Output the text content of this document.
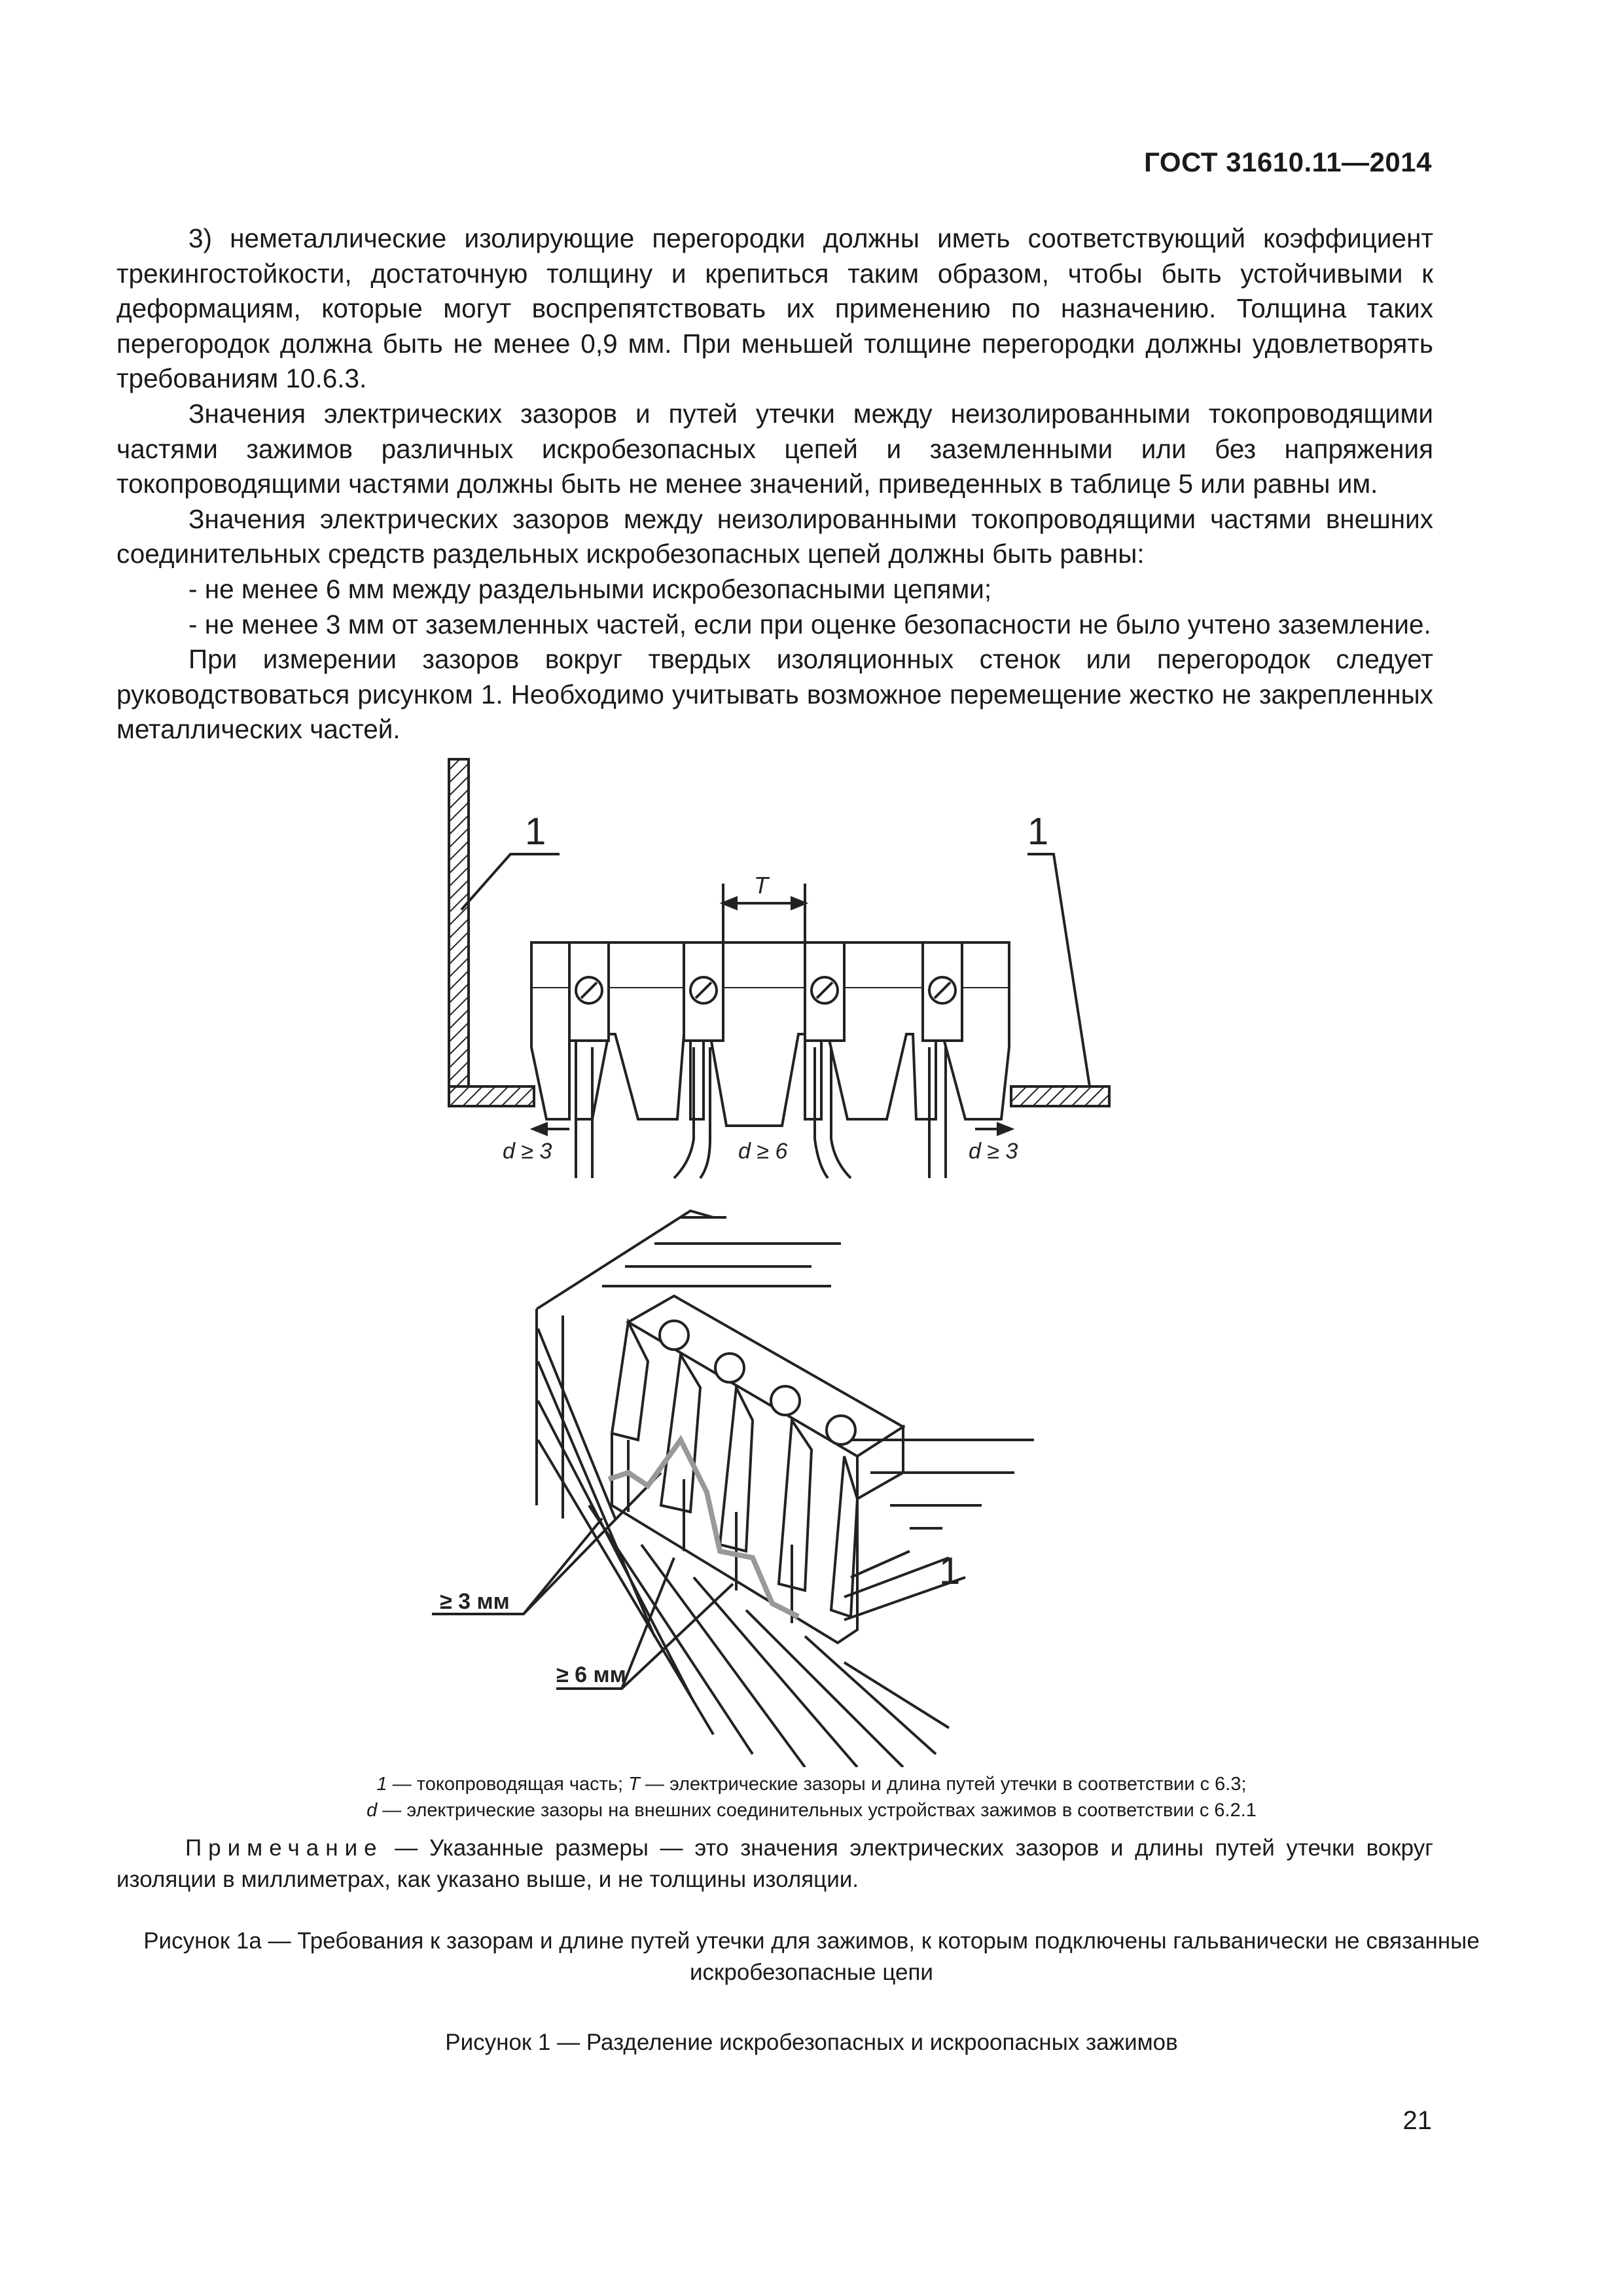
ГОСТ 31610.11—2014

3) неметаллические изолирующие перегородки должны иметь соответствующий коэффициент трекингостойкости, достаточную толщину и крепиться таким образом, чтобы быть устойчивыми к деформациям, которые могут воспрепятствовать их применению по назначению. Толщина таких перегородок должна быть не менее 0,9 мм. При меньшей толщине перегородки должны удовлетворять требованиям 10.6.3.

Значения электрических зазоров и путей утечки между неизолированными токопроводящими частями зажимов различных искробезопасных цепей и заземленными или без напряжения токопроводящими частями должны быть не менее значений, приведенных в таблице 5 или равны им.

Значения электрических зазоров между неизолированными токопроводящими частями внешних соединительных средств раздельных искробезопасных цепей должны быть равны:

- не менее 6 мм между раздельными искробезопасными цепями;

- не менее 3 мм от заземленных частей, если при оценке безопасности не было учтено заземление.

При измерении зазоров вокруг твердых изоляционных стенок или перегородок следует руководствоваться рисунком 1. Необходимо учитывать возможное перемещение жестко не закрепленных металлических частей.

1	1
T
d ≥ 3	d ≥ 6	d ≥ 3
1
≥ 3 мм
≥ 6 мм
1 — токопроводящая часть; T — электрические зазоры и длина путей утечки в соответствии с 6.3;
d — электрические зазоры на внешних соединительных устройствах зажимов в соответствии с 6.2.1
Примечание — Указанные размеры — это значения электрических зазоров и длины путей утечки вокруг изоляции в миллиметрах, как указано выше, и не толщины изоляции.
Рисунок 1а — Требования к зазорам и длине путей утечки для зажимов, к которым подключены гальванически не связанные искробезопасные цепи
Рисунок 1 — Разделение искробезопасных и искроопасных зажимов
21
